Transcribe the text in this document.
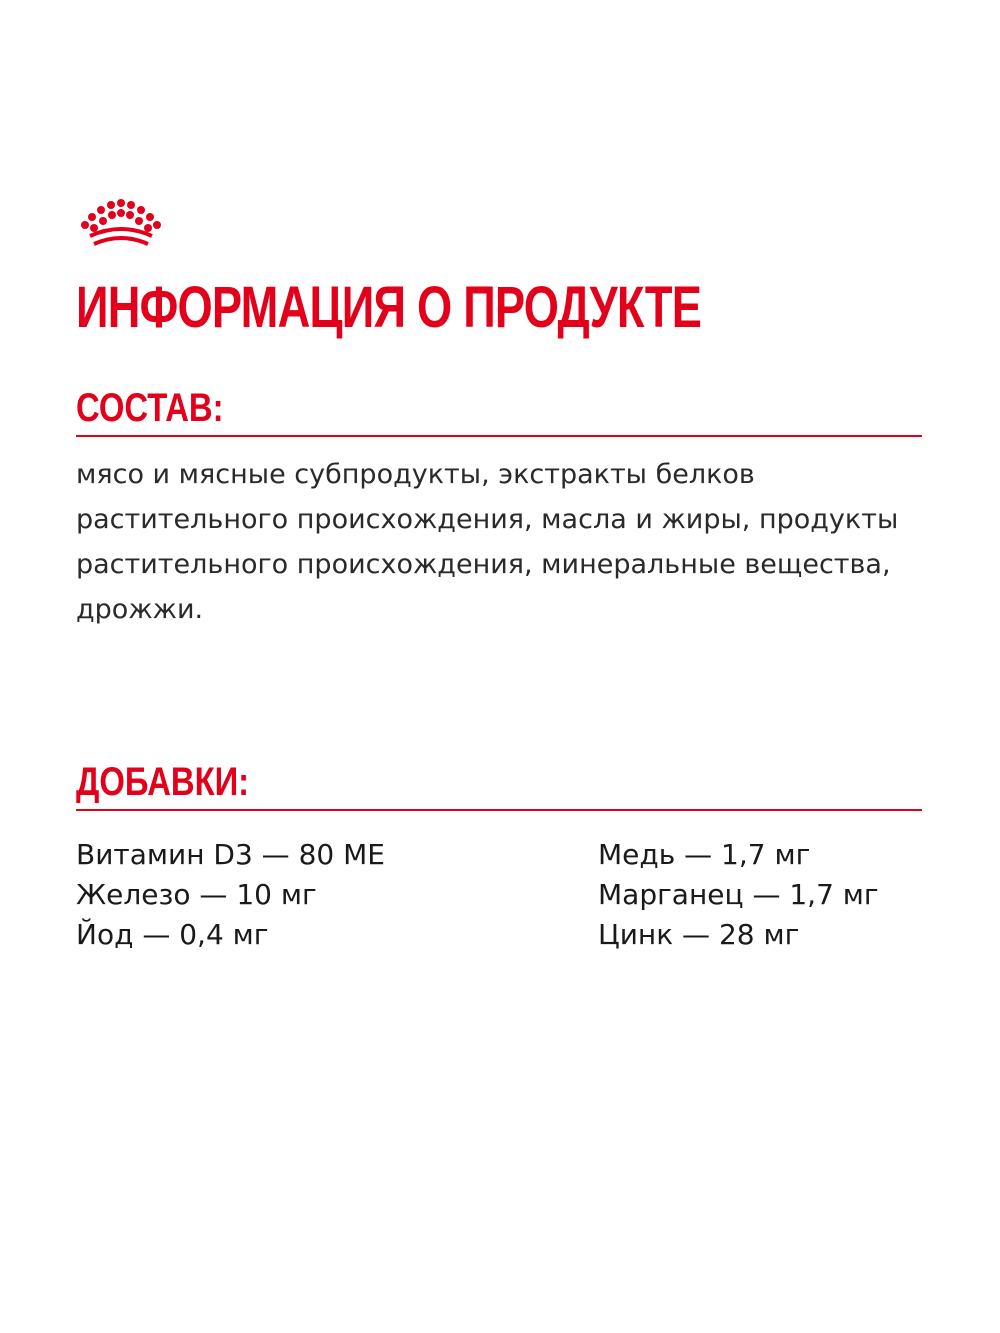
ИНФОРМАЦИЯ О ПРОДУКТЕ
СОСТАВ:

мясо и мясные субпродукты, экстракты белков растительного происхождения, масла и жиры, продукты растительного происхождения, минеральные вещества, дрожжи.

ДОБАВКИ:
Витамин D3 — 80 МЕ
Железо — 10 мг
Йод — 0,4 мг
Медь — 1,7 мг
Марганец — 1,7 мг
Цинк — 28 мг
